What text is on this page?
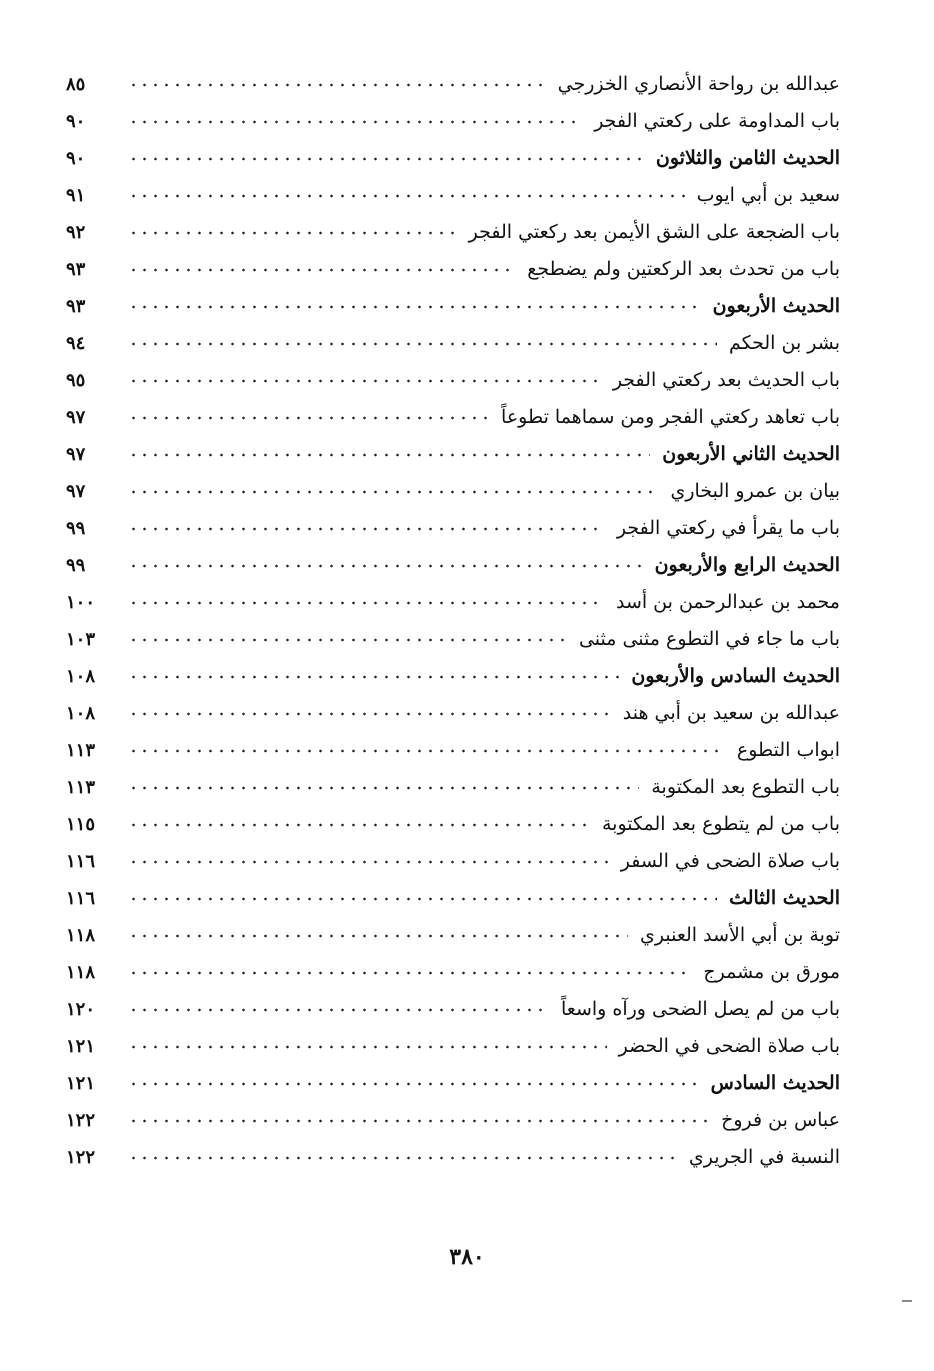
عبدالله بن رواحة الأنصاري الخزرجي
٨٥
باب المداومة على ركعتي الفجر
٩٠
الحديث الثامن والثلاثون
٩٠
سعيد بن أبي ايوب
٩١
باب الضجعة على الشق الأيمن بعد ركعتي الفجر
٩٢
باب من تحدث بعد الركعتين ولم يضطجع
٩٣
الحديث الأربعون
٩٣
بشر بن الحكم
٩٤
باب الحديث بعد ركعتي الفجر
٩٥
باب تعاهد ركعتي الفجر ومن سماهما تطوعاً
٩٧
الحديث الثاني الأربعون
٩٧
بيان بن عمرو البخاري
٩٧
باب ما يقرأ في ركعتي الفجر
٩٩
الحديث الرابع والأربعون
٩٩
محمد بن عبدالرحمن بن أسد
١٠٠
باب ما جاء في التطوع مثنى مثنى
١٠٣
الحديث السادس والأربعون
١٠٨
عبدالله بن سعيد بن أبي هند
١٠٨
ابواب التطوع
١١٣
باب التطوع بعد المكتوبة
١١٣
باب من لم يتطوع بعد المكتوبة
١١٥
باب صلاة الضحى في السفر
١١٦
الحديث الثالث
١١٦
توبة بن أبي الأسد العنبري
١١٨
مورق بن مشمرج
١١٨
باب من لم يصل الضحى ورآه واسعاً
١٢٠
باب صلاة الضحى في الحضر
١٢١
الحديث السادس
١٢١
عباس بن فروخ
١٢٢
النسبة في الجريري
١٢٢
٣٨٠
